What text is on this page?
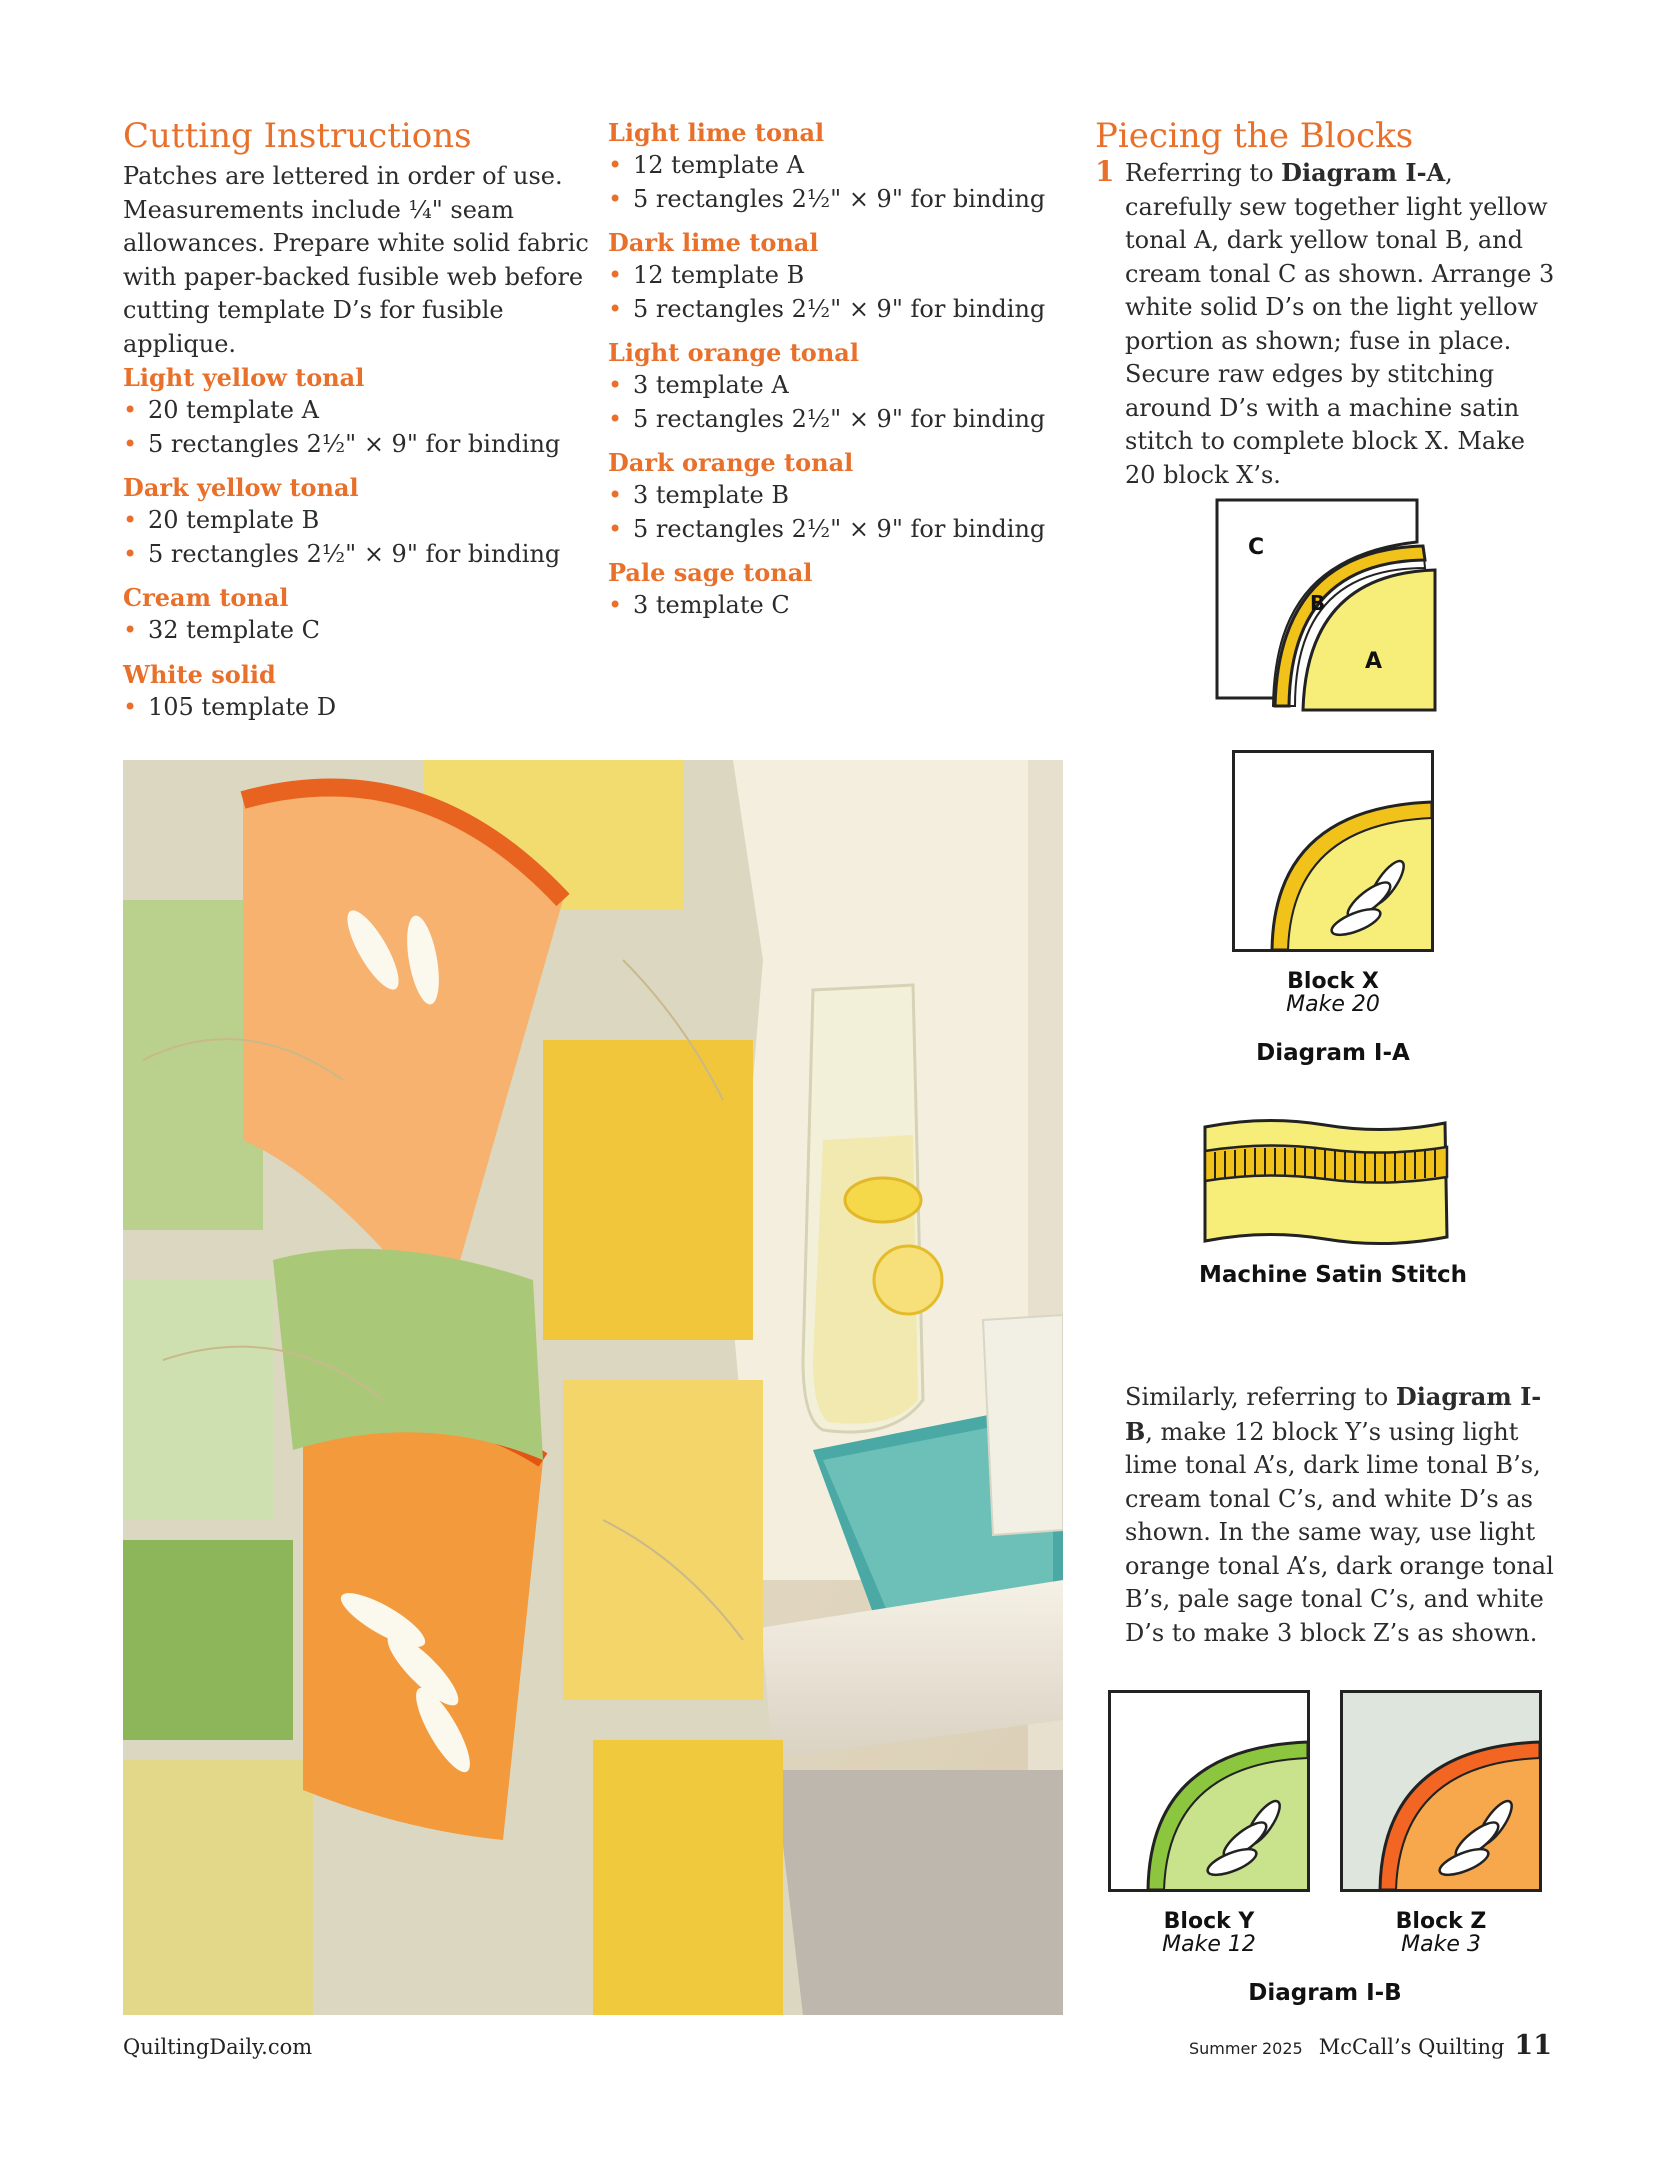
Cutting Instructions
Patches are lettered in order of use. Measurements include ¼" seam allowances. Prepare white solid fabric with paper-backed fusible web before cutting template D’s for fusible applique.
Light yellow tonal
• 20 template A
• 5 rectangles 2½" × 9" for binding
Dark yellow tonal
• 20 template B
• 5 rectangles 2½" × 9" for binding
Cream tonal
• 32 template C
White solid
• 105 template D
Light lime tonal
• 12 template A
• 5 rectangles 2½" × 9" for binding
Dark lime tonal
• 12 template B
• 5 rectangles 2½" × 9" for binding
Light orange tonal
• 3 template A
• 5 rectangles 2½" × 9" for binding
Dark orange tonal
• 3 template B
• 5 rectangles 2½" × 9" for binding
Pale sage tonal
• 3 template C
Piecing the Blocks
1 Referring to Diagram I-A, carefully sew together light yellow tonal A, dark yellow tonal B, and cream tonal C as shown. Arrange 3 white solid D’s on the light yellow portion as shown; fuse in place. Secure raw edges by stitching around D’s with a machine satin stitch to complete block X. Make 20 block X’s.
C
B
A
Block X
Make 20
Diagram I-A
Machine Satin Stitch
Similarly, referring to Diagram I-B, make 12 block Y’s using light lime tonal A’s, dark lime tonal B’s, cream tonal C’s, and white D’s as shown. In the same way, use light orange tonal A’s, dark orange tonal B’s, pale sage tonal C’s, and white D’s to make 3 block Z’s as shown.
Block Y
Make 12
Block Z
Make 3
Diagram I-B
QuiltingDaily.com	Summer 2025 McCall’s Quilting 11
